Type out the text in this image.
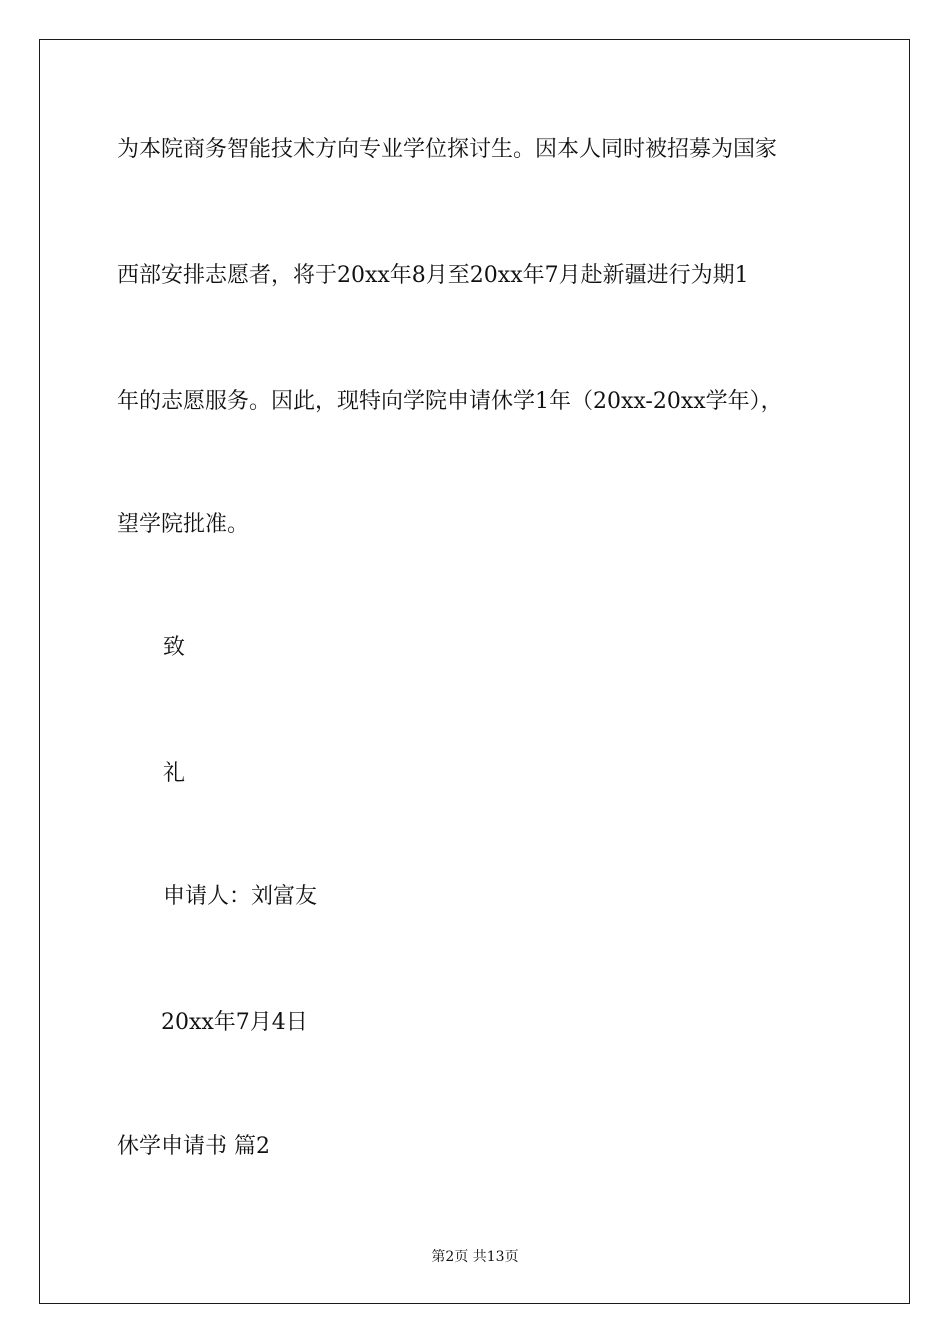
为本院商务智能技术方向专业学位探讨生。因本人同时被招募为国家
西部安排志愿者，将于20xx年8月至20xx年7月赴新疆进行为期1
年的志愿服务。因此，现特向学院申请休学1年（20xx-20xx学年），
望学院批准。
致
礼
申请人：刘富友
20xx年7月4日
休学申请书 篇2
第2页 共13页
